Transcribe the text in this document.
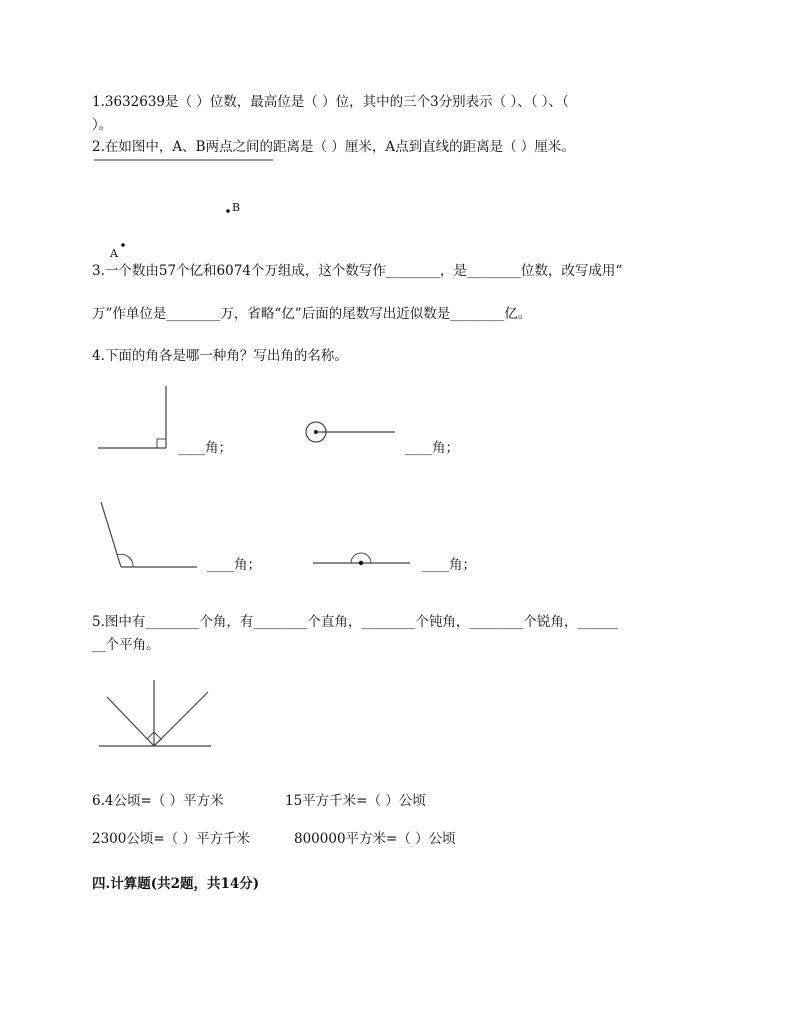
1.3632639是（ ）位数，最高位是（ ）位，其中的三个3分别表示（ ）、（ ）、（
）。
2.在如图中，A、B两点之间的距离是（ ）厘米，A点到直线的距离是（ ）厘米。
B
A
3.一个数由57个亿和6074个万组成，这个数写作________，是________位数，改写成用“
万”作单位是________万，省略“亿”后面的尾数写出近似数是________亿。
4.下面的角各是哪一种角？写出角的名称。
____角；	____角；
____角；	____角；
5.图中有________个角，有________个直角，________个钝角，________个锐角，______
__个平角。
6.4公顷=（ ）平方米	15平方千米=（ ）公顷
2300公顷=（ ）平方千米	800000平方米=（ ）公顷
四.计算题(共2题，共14分)
